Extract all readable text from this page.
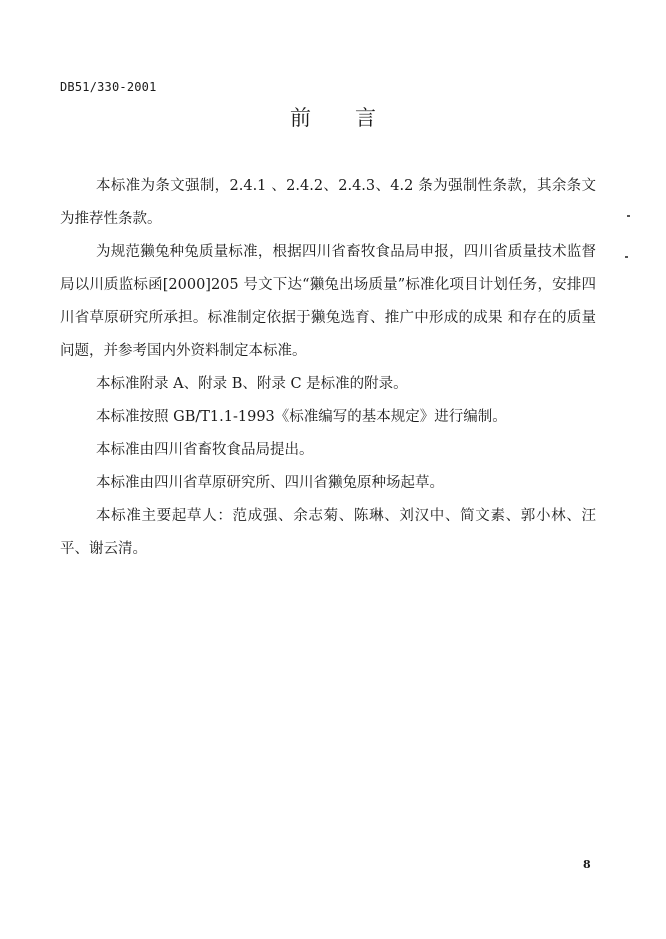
DB51/330-2001
前 言

本标准为条文强制，2.4.1 、2.4.2、2.4.3、4.2 条为强制性条款，其余条文为推荐性条款。

为规范獭兔种兔质量标准，根据四川省畜牧食品局申报，四川省质量技术监督局以川质监标函[2000]205 号文下达“獭兔出场质量”标准化项目计划任务，安排四川省草原研究所承担。标准制定依据于獭兔选育、推广中形成的成果 和存在的质量 问题，并参考国内外资料制定本标准。

本标准附录 A、附录 B、附录 C 是标准的附录。

本标准按照 GB/T1.1-1993《标准编写的基本规定》进行编制。

本标准由四川省畜牧食品局提出。

本标准由四川省草原研究所、四川省獭兔原种场起草。

本标准主要起草人：范成强、余志菊、陈琳、刘汉中、简文素、郭小林、汪平、谢云清。

8
